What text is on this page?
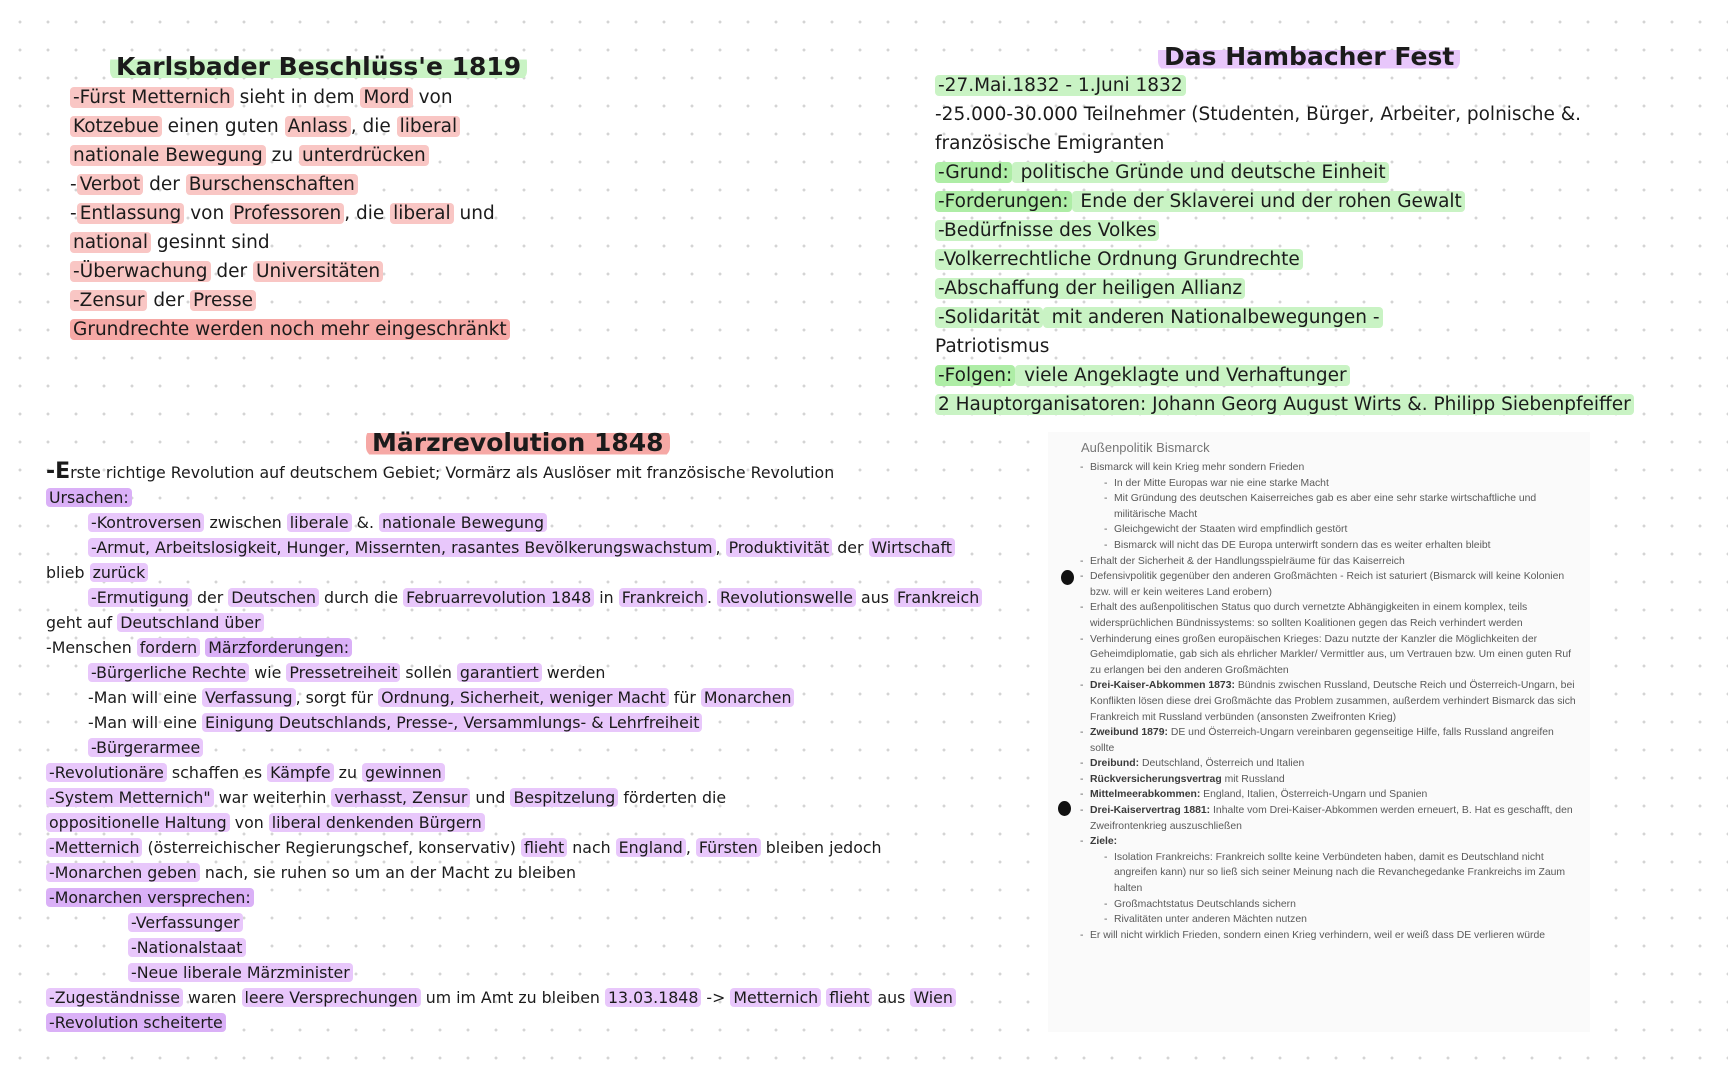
Karlsbader Beschlüss'e 1819
-Fürst Metternich sieht in dem Mord von
Kotzebue einen guten Anlass , die liberal
nationale Bewegung zu unterdrücken
- Verbot der Burschenschaften
- Entlassung von Professoren , die liberal und
national gesinnt sind
-Überwachung der Universitäten
-Zensur der Presse
Grundrechte werden noch mehr eingeschränkt
Das Hambacher Fest
-27.Mai.1832 - 1.Juni 1832
-25.000-30.000 Teilnehmer (Studenten, Bürger, Arbeiter, polnische &.
französische Emigranten
-Grund: politische Gründe und deutsche Einheit
-Forderungen: Ende der Sklaverei und der rohen Gewalt
-Bedürfnisse des Volkes
-Volkerrechtliche Ordnung Grundrechte
-Abschaffung der heiligen Allianz
-Solidarität mit anderen Nationalbewegungen -
Patriotismus
-Folgen: viele Angeklagte und Verhaftunger
2 Hauptorganisatoren: Johann Georg August Wirts &. Philipp Siebenpfeiffer
Märzrevolution 1848
-Erste richtige Revolution auf deutschem Gebiet; Vormärz als Auslöser mit französische Revolution
Ursachen:
-Kontroversen zwischen liberale &. nationale Bewegung
-Armut, Arbeitslosigkeit, Hunger, Missernten, rasantes Bevölkerungswachstum , Produktivität der Wirtschaft
blieb zurück
-Ermutigung der Deutschen durch die Februarrevolution 1848 in Frankreich . Revolutionswelle aus Frankreich
geht auf Deutschland über
-Menschen fordern Märzforderungen:
-Bürgerliche Rechte wie Pressetreiheit sollen garantiert werden
-Man will eine Verfassung , sorgt für Ordnung, Sicherheit, weniger Macht für Monarchen
-Man will eine Einigung Deutschlands, Presse-, Versammlungs- & Lehrfreiheit
-Bürgerarmee
-Revolutionäre schaffen es Kämpfe zu gewinnen
-System Metternich" war weiterhin verhasst, Zensur und Bespitzelung förderten die
oppositionelle Haltung von liberal denkenden Bürgern
-Metternich (österreichischer Regierungschef, konservativ) flieht nach England , Fürsten bleiben jedoch
-Monarchen geben nach, sie ruhen so um an der Macht zu bleiben
-Monarchen versprechen:
-Verfassunger
-Nationalstaat
-Neue liberale Märzminister
-Zugeständnisse waren leere Versprechungen um im Amt zu bleiben 13.03.1848 -> Metternich flieht aus Wien
-Revolution scheiterte
Außenpolitik Bismarck
- Bismarck will kein Krieg mehr sondern Frieden
- In der Mitte Europas war nie eine starke Macht
- Mit Gründung des deutschen Kaiserreiches gab es aber eine sehr starke wirtschaftliche und militärische Macht
- Gleichgewicht der Staaten wird empfindlich gestört
- Bismarck will nicht das DE Europa unterwirft sondern das es weiter erhalten bleibt
- Erhalt der Sicherheit & der Handlungsspielräume für das Kaiserreich
- Defensivpolitik gegenüber den anderen Großmächten - Reich ist saturiert (Bismarck will keine Kolonien bzw. will er kein weiteres Land erobern)
- Erhalt des außenpolitischen Status quo durch vernetzte Abhängigkeiten in einem komplex, teils widersprüchlichen Bündnissystems: so sollten Koalitionen gegen das Reich verhindert werden
- Verhinderung eines großen europäischen Krieges: Dazu nutzte der Kanzler die Möglichkeiten der Geheimdiplomatie, gab sich als ehrlicher Markler/ Vermittler aus, um Vertrauen bzw. Um einen guten Ruf zu erlangen bei den anderen Großmächten
- Drei-Kaiser-Abkommen 1873: Bündnis zwischen Russland, Deutsche Reich und Österreich-Ungarn, bei Konflikten lösen diese drei Großmächte das Problem zusammen, außerdem verhindert Bismarck das sich Frankreich mit Russland verbünden (ansonsten Zweifronten Krieg)
- Zweibund 1879: DE und Österreich-Ungarn vereinbaren gegenseitige Hilfe, falls Russland angreifen sollte
- Dreibund: Deutschland, Österreich und Italien
- Rückversicherungsvertrag mit Russland
- Mittelmeerabkommen: England, Italien, Österreich-Ungarn und Spanien
- Drei-Kaiservertrag 1881: Inhalte vom Drei-Kaiser-Abkommen werden erneuert, B. Hat es geschafft, den Zweifrontenkrieg auszuschließen
- Ziele:
- Isolation Frankreichs: Frankreich sollte keine Verbündeten haben, damit es Deutschland nicht angreifen kann) nur so ließ sich seiner Meinung nach die Revanchegedanke Frankreichs im Zaum halten
- Großmachtstatus Deutschlands sichern
- Rivalitäten unter anderen Mächten nutzen
- Er will nicht wirklich Frieden, sondern einen Krieg verhindern, weil er weiß dass DE verlieren würde
